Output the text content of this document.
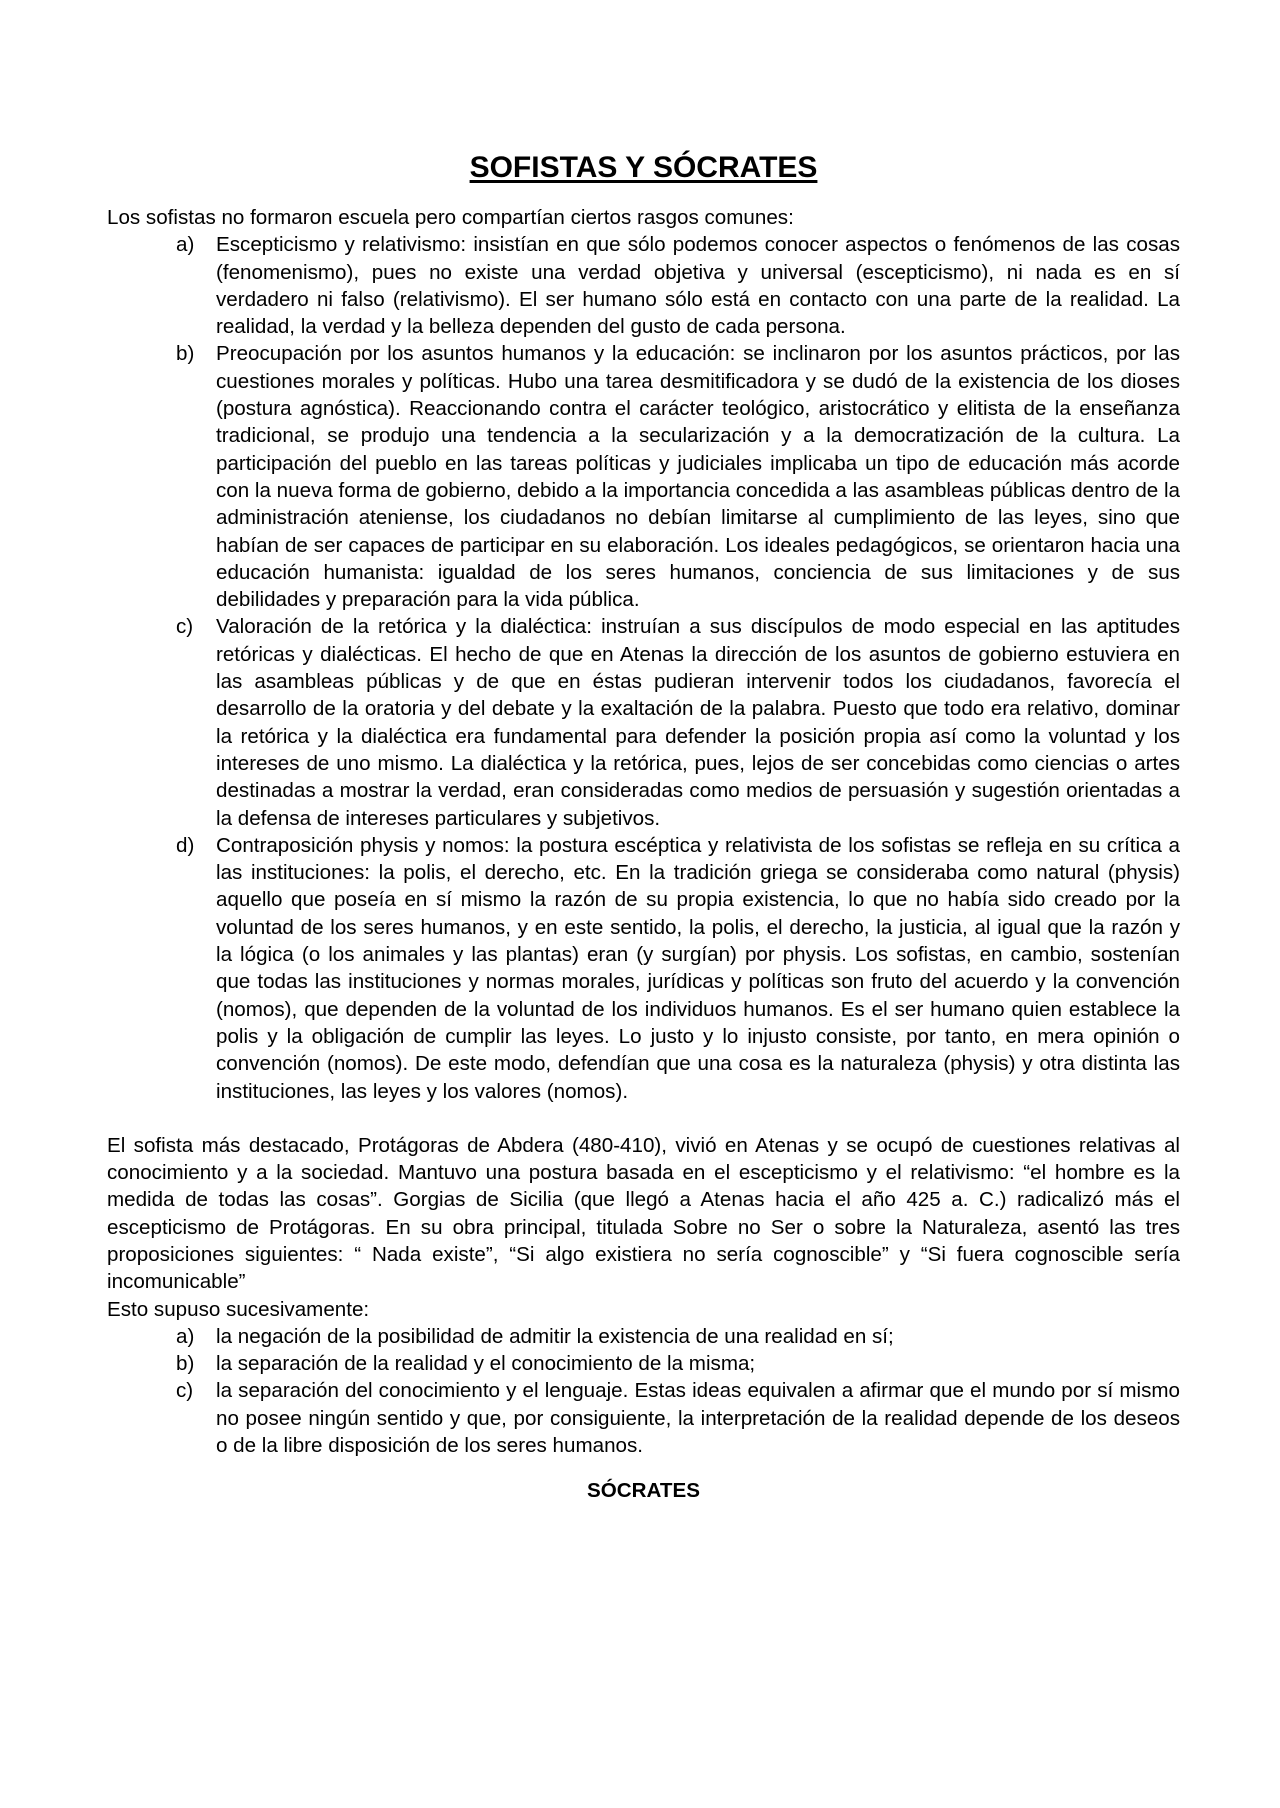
SOFISTAS Y SÓCRATES

Los sofistas no formaron escuela pero compartían ciertos rasgos comunes:

a) Escepticismo y relativismo: insistían en que sólo podemos conocer aspectos o fenómenos de las cosas (fenomenismo), pues no existe una verdad objetiva y universal (escepticismo), ni nada es en sí verdadero ni falso (relativismo). El ser humano sólo está en contacto con una parte de la realidad. La realidad, la verdad y la belleza dependen del gusto de cada persona.
b) Preocupación por los asuntos humanos y la educación: se inclinaron por los asuntos prácticos, por las cuestiones morales y políticas. Hubo una tarea desmitificadora y se dudó de la existencia de los dioses (postura agnóstica). Reaccionando contra el carácter teológico, aristocrático y elitista de la enseñanza tradicional, se produjo una tendencia a la secularización y a la democratización de la cultura. La participación del pueblo en las tareas políticas y judiciales implicaba un tipo de educación más acorde con la nueva forma de gobierno, debido a la importancia concedida a las asambleas públicas dentro de la administración ateniense, los ciudadanos no debían limitarse al cumplimiento de las leyes, sino que habían de ser capaces de participar en su elaboración. Los ideales pedagógicos, se orientaron hacia una educación humanista: igualdad de los seres humanos, conciencia de sus limitaciones y de sus debilidades y preparación para la vida pública.
c) Valoración de la retórica y la dialéctica: instruían a sus discípulos de modo especial en las aptitudes retóricas y dialécticas. El hecho de que en Atenas la dirección de los asuntos de gobierno estuviera en las asambleas públicas y de que en éstas pudieran intervenir todos los ciudadanos, favorecía el desarrollo de la oratoria y del debate y la exaltación de la palabra. Puesto que todo era relativo, dominar la retórica y la dialéctica era fundamental para defender la posición propia así como la voluntad y los intereses de uno mismo. La dialéctica y la retórica, pues, lejos de ser concebidas como ciencias o artes destinadas a mostrar la verdad, eran consideradas como medios de persuasión y sugestión orientadas a la defensa de intereses particulares y subjetivos.
d) Contraposición physis y nomos: la postura escéptica y relativista de los sofistas se refleja en su crítica a las instituciones: la polis, el derecho, etc. En la tradición griega se consideraba como natural (physis) aquello que poseía en sí mismo la razón de su propia existencia, lo que no había sido creado por la voluntad de los seres humanos, y en este sentido, la polis, el derecho, la justicia, al igual que la razón y la lógica (o los animales y las plantas) eran (y surgían) por physis. Los sofistas, en cambio, sostenían que todas las instituciones y normas morales, jurídicas y políticas son fruto del acuerdo y la convención (nomos), que dependen de la voluntad de los individuos humanos. Es el ser humano quien establece la polis y la obligación de cumplir las leyes. Lo justo y lo injusto consiste, por tanto, en mera opinión o convención (nomos). De este modo, defendían que una cosa es la naturaleza (physis) y otra distinta las instituciones, las leyes y los valores (nomos).

El sofista más destacado, Protágoras de Abdera (480-410), vivió en Atenas y se ocupó de cuestiones relativas al conocimiento y a la sociedad. Mantuvo una postura basada en el escepticismo y el relativismo: “el hombre es la medida de todas las cosas”. Gorgias de Sicilia (que llegó a Atenas hacia el año 425 a. C.) radicalizó más el escepticismo de Protágoras. En su obra principal, titulada Sobre no Ser o sobre la Naturaleza, asentó las tres proposiciones siguientes: “ Nada existe”, “Si algo existiera no sería cognoscible” y “Si fuera cognoscible sería incomunicable”

Esto supuso sucesivamente:

a) la negación de la posibilidad de admitir la existencia de una realidad en sí;
b) la separación de la realidad y el conocimiento de la misma;
c) la separación del conocimiento y el lenguaje. Estas ideas equivalen a afirmar que el mundo por sí mismo no posee ningún sentido y que, por consiguiente, la interpretación de la realidad depende de los deseos o de la libre disposición de los seres humanos.
SÓCRATES
